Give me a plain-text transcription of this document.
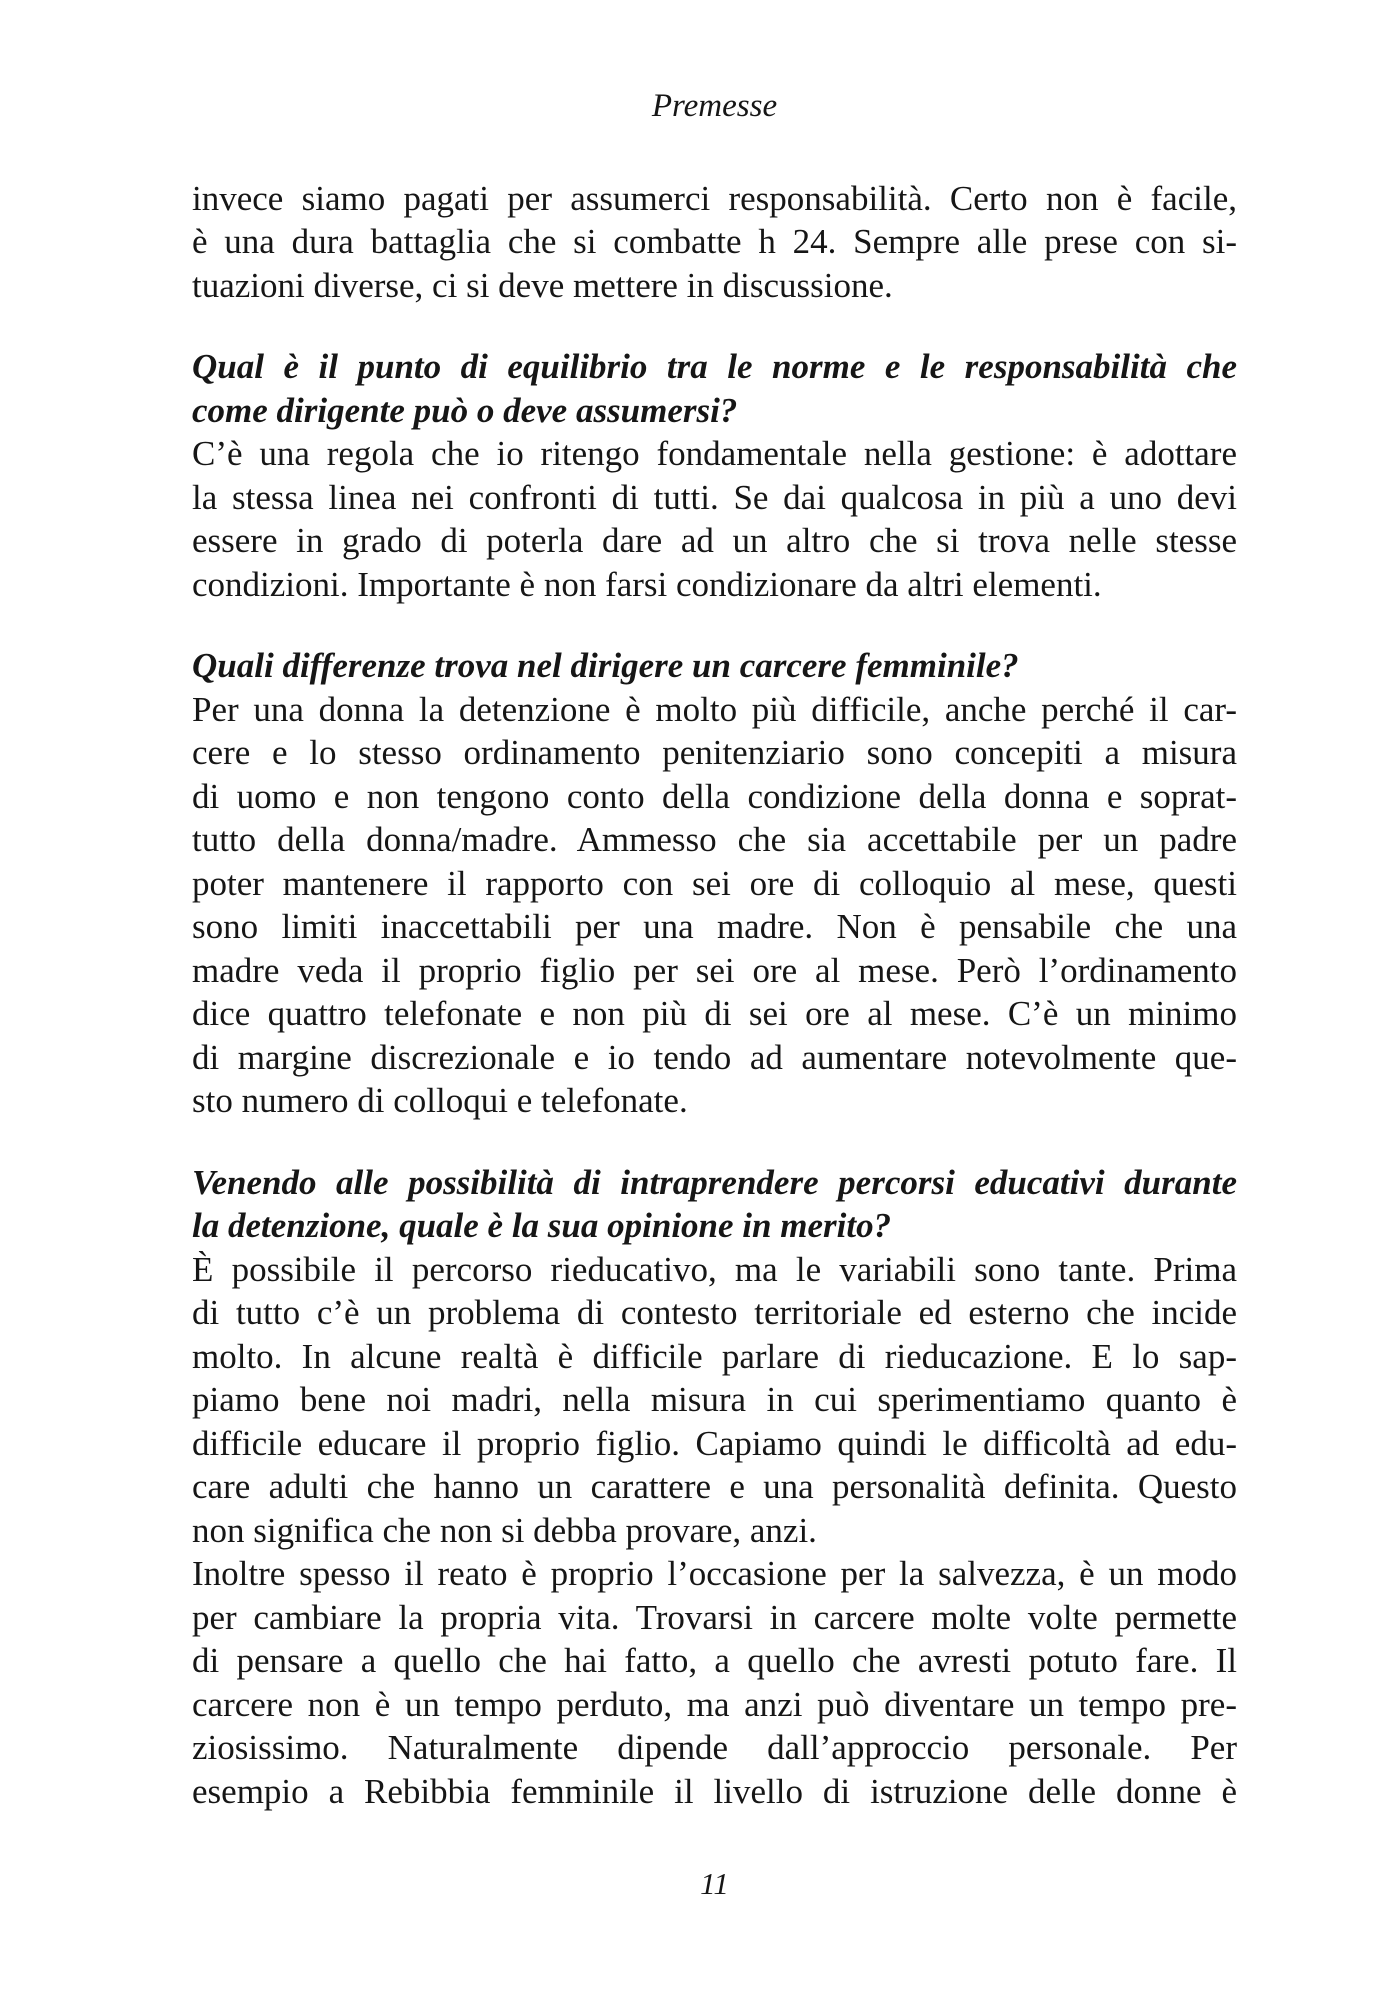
Premesse
invece siamo pagati per assumerci responsabilità. Certo non è facile,
è una dura battaglia che si combatte h 24. Sempre alle prese con si-
tuazioni diverse, ci si deve mettere in discussione.
Qual è il punto di equilibrio tra le norme e le responsabilità che
come dirigente può o deve assumersi?
C’è una regola che io ritengo fondamentale nella gestione: è adottare
la stessa linea nei confronti di tutti. Se dai qualcosa in più a uno devi
essere in grado di poterla dare ad un altro che si trova nelle stesse
condizioni. Importante è non farsi condizionare da altri elementi.
Quali differenze trova nel dirigere un carcere femminile?
Per una donna la detenzione è molto più difficile, anche perché il car-
cere e lo stesso ordinamento penitenziario sono concepiti a misura
di uomo e non tengono conto della condizione della donna e soprat-
tutto della donna/madre. Ammesso che sia accettabile per un padre
poter mantenere il rapporto con sei ore di colloquio al mese, questi
sono limiti inaccettabili per una madre. Non è pensabile che una
madre veda il proprio figlio per sei ore al mese. Però l’ordinamento
dice quattro telefonate e non più di sei ore al mese. C’è un minimo
di margine discrezionale e io tendo ad aumentare notevolmente que-
sto numero di colloqui e telefonate.
Venendo alle possibilità di intraprendere percorsi educativi durante
la detenzione, quale è la sua opinione in merito?
È possibile il percorso rieducativo, ma le variabili sono tante. Prima
di tutto c’è un problema di contesto territoriale ed esterno che incide
molto. In alcune realtà è difficile parlare di rieducazione. E lo sap-
piamo bene noi madri, nella misura in cui sperimentiamo quanto è
difficile educare il proprio figlio. Capiamo quindi le difficoltà ad edu-
care adulti che hanno un carattere e una personalità definita. Questo
non significa che non si debba provare, anzi.
Inoltre spesso il reato è proprio l’occasione per la salvezza, è un modo
per cambiare la propria vita. Trovarsi in carcere molte volte permette
di pensare a quello che hai fatto, a quello che avresti potuto fare. Il
carcere non è un tempo perduto, ma anzi può diventare un tempo pre-
ziosissimo. Naturalmente dipende dall’approccio personale. Per
esempio a Rebibbia femminile il livello di istruzione delle donne è
11
